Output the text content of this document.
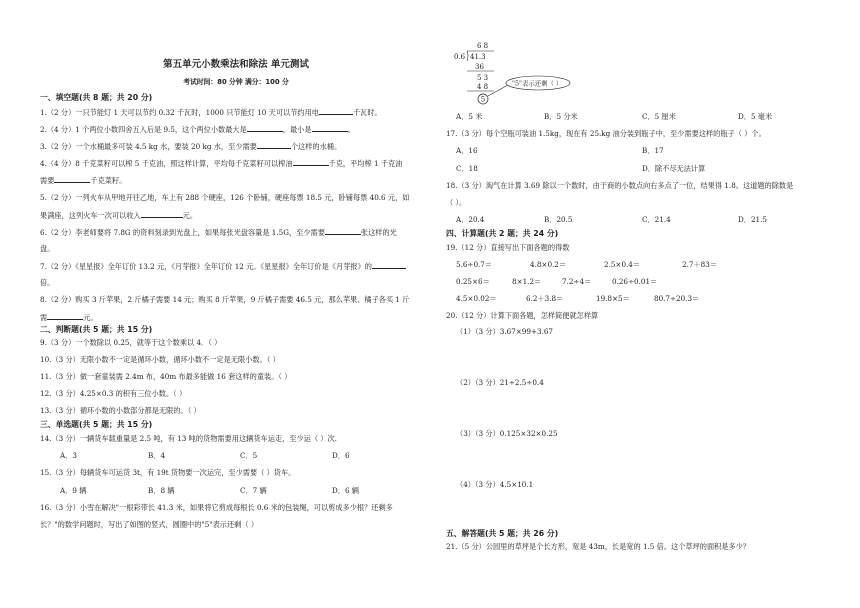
第五单元小数乘法和除法 单元测试
考试时间：80 分钟 满分：100 分
一、填空题(共 8 题；共 20 分)
1.（2 分）一只节能灯 1 天可以节约 0.32 千瓦时，1000 只节能灯 10 天可以节约用电	千瓦时。
2.（4 分）1 个两位小数四舍五入后是 9.5，这个两位小数最大是	，最小是	。
3.（2 分）一个水桶最多可装 4.5 kg 水，要装 20 kg 水，至少需要	个这样的水桶。
4.（4 分）8 千克菜籽可以榨 5 千克油，照这样计算，平均每千克菜籽可以榨油	千克，平均榨 1 千克油
需要	千克菜籽。
5.（2 分）一列火车从甲地开往乙地，车上有 288 个硬座，126 个卧铺，硬座每票 18.5 元，卧铺每票 40.6 元，如
果满座，这列火车一次可以收入	元。
6.（2 分）李老师要将 7.8G 的资料刻录到光盘上，如果每张光盘容量是 1.5G，至少需要	张这样的光
盘。
7.（2 分）《星星报》全年订价 13.2 元，《月芽报》全年订价 12 元。《星星报》全年订价是《月芽报》的
倍。
8.（2 分）购买 3 斤苹果，2 斤橘子需要 14 元；购买 8 斤苹果，9 斤橘子需要 46.5 元，那么苹果、橘子各买 1 斤
需	元。
二、判断题(共 5 题；共 15 分)
9.（3 分）一个数除以 0.25，就等于这个数乘以 4．（ ）
10.（3 分）无限小数不一定是循环小数，循环小数不一定是无限小数。（ ）
11.（3 分）做一套童装需 2.4m 布，40m 布最多能做 16 套这样的童装。（ ）
12.（3 分）4.25×0.3 的积有三位小数。（ ）
13.（3 分）循环小数的小数部分都是无限的。（ ）
三、单选题(共 5 题；共 15 分)
14.（3 分）一辆货车载重量是 2.5 吨，有 13 吨的货物需要用这辆货车运走，至少运（ ）次.
A．3	B．4	C．5	D．6
15.（3 分）每辆货车可运货 3t，有 19t 货物要一次运完，至少需要（ ）货车。
A．9 辆	B．8 辆	C．7 辆	D．6 辆
16.（3 分）小雪在解决"一根彩带长 41.3 米，如果将它剪成每根长 0.6 米的包装绳，可以剪成多少根？还剩多
长？"的数学问题时，写出了如图的竖式，圆圈中的"5"表示还剩（ ）
6 8
0.6 41.3
36
5 3
4 8
5
"5"表示还剩（ ）
A．5 米	B．5 分米	C．5 厘米	D．5 毫米
17.（3 分）每个空瓶可装油 1.5kg，现在有 25.kg 油分装到瓶子中，至少需要这样的瓶子（ ）个。
A．16	B．17
C．18	D．除不尽无法计算
18.（3 分）淘气在计算 3.69 除以一个数时，由于商的小数点向右多点了一位，结果得 1.8。这道题的除数是
（ ）。
A．20.4	B．20.5	C．21.4	D．21.5
四、计算题(共 2 题；共 24 分)
19.（12 分）直接写出下面各题的得数
5.6÷0.7＝	4.8×0.2＝	2.5×0.4＝	2.7＋83＝
0.25×6＝	8×1.2＝	7.2÷4＝	0.26÷0.01＝
4.5×0.02＝	6.2＋3.8＝	19.8×5＝	80.7÷20.3＝
20.（12 分）计算下面各题，怎样简便就怎样算
（1）（3 分）3.67×99+3.67
（2）（3 分）21÷2.5÷0.4
（3）（3 分）0.125×32×0.25
（4）（3 分）4.5×10.1
五、解答题(共 5 题；共 26 分)
21.（5 分）公园里的草坪是个长方形，宽是 43m，长是宽的 1.5 倍。这个草坪的面积是多少？
